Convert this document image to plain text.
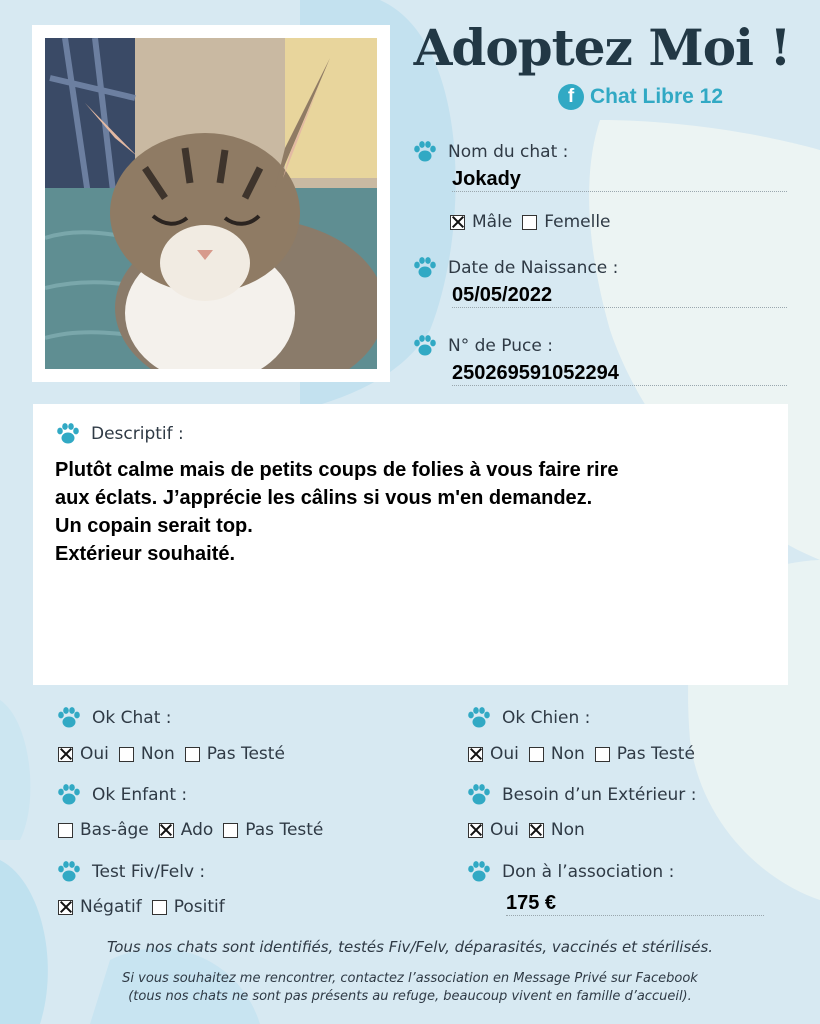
Adoptez Moi !
f Chat Libre 12
Nom du chat :
Jokady
Mâle Femelle
Date de Naissance :
05/05/2022
N° de Puce :
250269591052294
Descriptif :
Plutôt calme mais de petits coups de folies à vous faire rire
aux éclats. J’apprécie les câlins si vous m'en demandez.
Un copain serait top.
Extérieur souhaité.
Ok Chat :
Oui Non Pas Testé
Ok Chien :
Oui Non Pas Testé
Ok Enfant :
Bas-âge Ado Pas Testé
Besoin d’un Extérieur :
Oui Non
Test Fiv/Felv :
Négatif Positif
Don à l’association :
175 €
Tous nos chats sont identifiés, testés Fiv/Felv, déparasités, vaccinés et stérilisés.
Si vous souhaitez me rencontrer, contactez l’association en Message Privé sur Facebook
(tous nos chats ne sont pas présents au refuge, beaucoup vivent en famille d’accueil).
